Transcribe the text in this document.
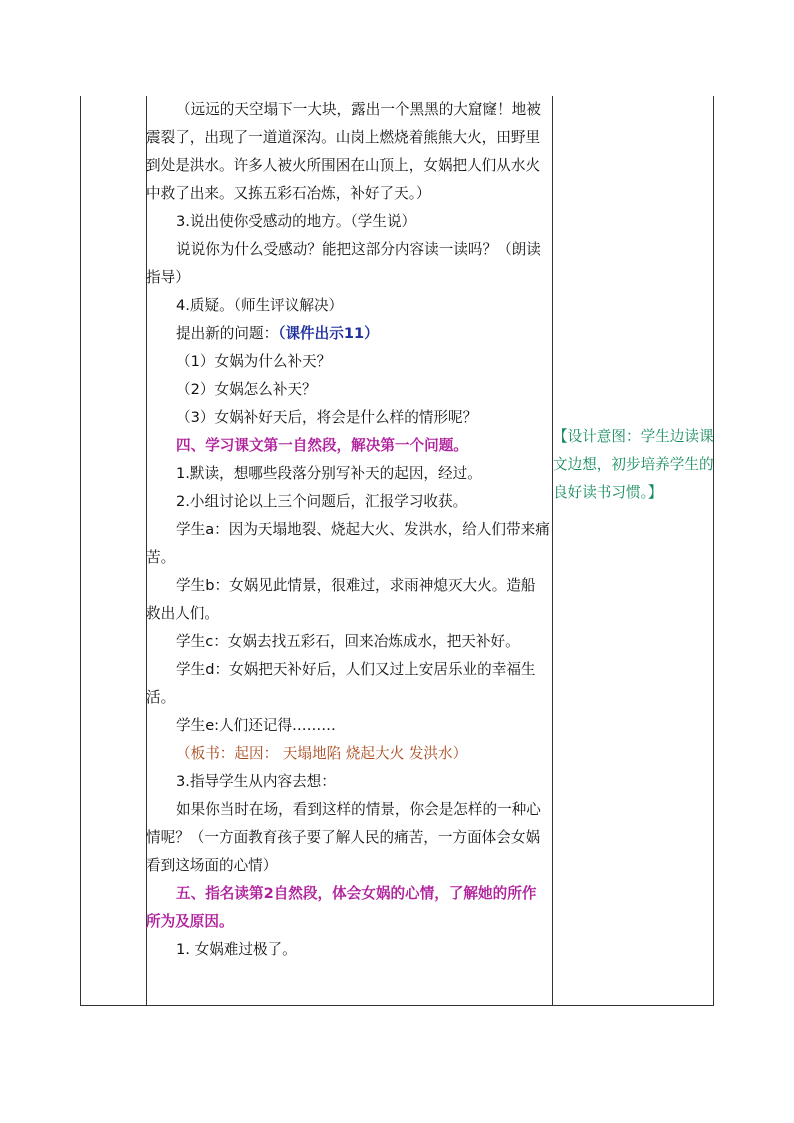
（远远的天空塌下一大块，露出一个黑黑的大窟窿！地被震裂了，出现了一道道深沟。山岗上燃烧着熊熊大火，田野里到处是洪水。许多人被火所围困在山顶上，女娲把人们从水火中救了出来。又拣五彩石冶炼，补好了天。）

3.说出使你受感动的地方。（学生说）

说说你为什么受感动？能把这部分内容读一读吗？（朗读指导）

4.质疑。（师生评议解决）

提出新的问题：（课件出示11）

（1）女娲为什么补天？

（2）女娲怎么补天？

（3）女娲补好天后，将会是什么样的情形呢？

四、学习课文第一自然段，解决第一个问题。

1.默读，想哪些段落分别写补天的起因，经过。

2.小组讨论以上三个问题后，汇报学习收获。

学生a：因为天塌地裂、烧起大火、发洪水，给人们带来痛苦。

学生b：女娲见此情景，很难过，求雨神熄灭大火。造船救出人们。

学生c：女娲去找五彩石，回来冶炼成水，把天补好。

学生d：女娲把天补好后，人们又过上安居乐业的幸福生活。

学生e:人们还记得………

（板书：起因： 天塌地陷 烧起大火 发洪水）

3.指导学生从内容去想：

如果你当时在场，看到这样的情景，你会是怎样的一种心情呢？（一方面教育孩子要了解人民的痛苦，一方面体会女娲看到这场面的心情）

五、指名读第2自然段，体会女娲的心情，了解她的所作所为及原因。

1. 女娲难过极了。

【设计意图：学生边读课文边想，初步培养学生的良好读书习惯。】
